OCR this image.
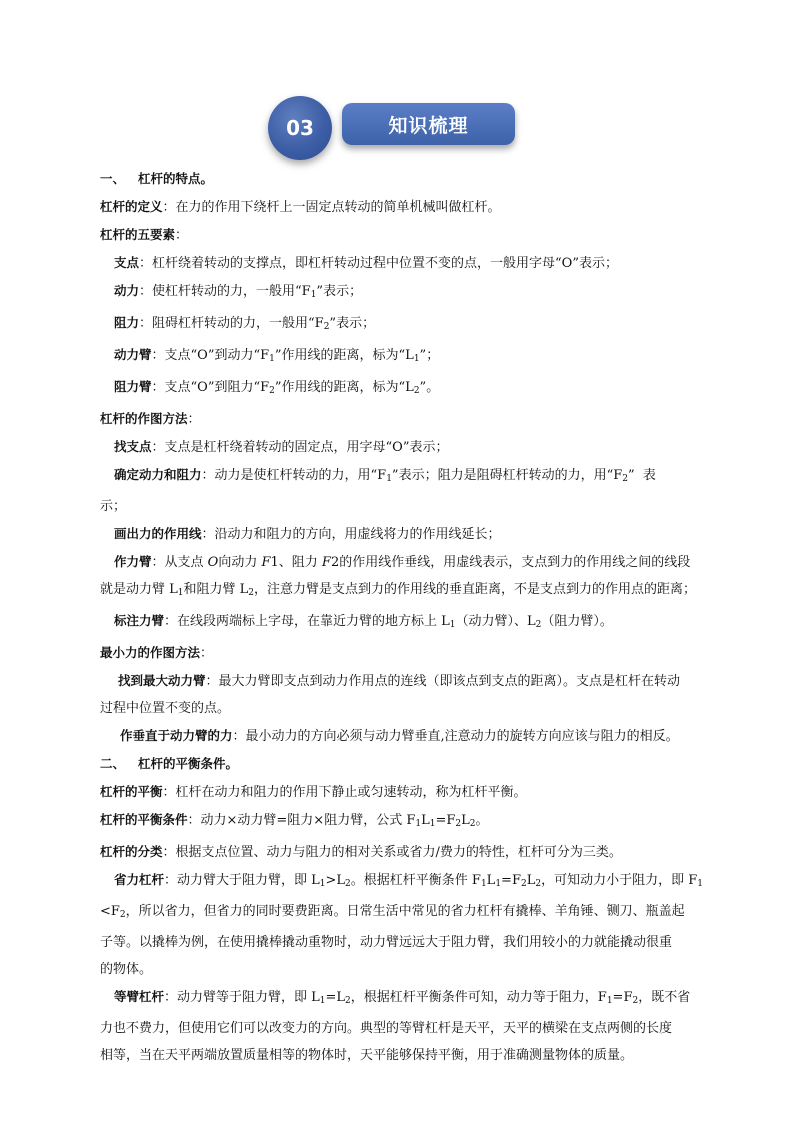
03	知识梳理

一、   杠杆的特点。

杠杆的定义：在力的作用下绕杆上一固定点转动的简单机械叫做杠杆。

杠杆的五要素：

支点：杠杆绕着转动的支撑点，即杠杆转动过程中位置不变的点，一般用字母“O”表示；

动力：使杠杆转动的力，一般用“$F_1$”表示；

阻力：阻碍杠杆转动的力，一般用“$F_2$”表示；

动力臂：支点“O”到动力“$F_1$”作用线的距离，标为“$L_1$”；

阻力臂：支点“O”到阻力“$F_2$”作用线的距离，标为“$L_2$”。

杠杆的作图方法：

找支点：支点是杠杆绕着转动的固定点，用字母“O”表示；

确定动力和阻力：动力是使杠杆转动的力，用“$F_1$”表示；阻力是阻碍杠杆转动的力，用“$F_2$”  表

示；

画出力的作用线：沿动力和阻力的方向，用虚线将力的作用线延长；

作力臂：从支点 O向动力 F1、阻力 F2的作用线作垂线，用虚线表示，支点到力的作用线之间的线段

就是动力臂 $L_1$和阻力臂 $L_2$，注意力臂是支点到力的作用线的垂直距离，不是支点到力的作用点的距离；

标注力臂：在线段两端标上字母，在靠近力臂的地方标上 $L_1$（动力臂）、$L_2$（阻力臂）。

最小力的作图方法：

找到最大动力臂：最大力臂即支点到动力作用点的连线（即该点到支点的距离）。支点是杠杆在转动

过程中位置不变的点。

作垂直于动力臂的力：最小动力的方向必须与动力臂垂直,注意动力的旋转方向应该与阻力的相反。

二、   杠杆的平衡条件。

杠杆的平衡：杠杆在动力和阻力的作用下静止或匀速转动，称为杠杆平衡。

杠杆的平衡条件：动力×动力臂=阻力×阻力臂，公式 $F_1L_1=F_2L_2$。

杠杆的分类：根据支点位置、动力与阻力的相对关系或省力/费力的特性，杠杆可分为三类。

省力杠杆：动力臂大于阻力臂，即 $L_1>L_2$。根据杠杆平衡条件 $F_1L_1=F_2L_2$，可知动力小于阻力，即 $F_1$

$<F_2$，所以省力，但省力的同时要费距离。日常生活中常见的省力杠杆有撬棒、羊角锤、铡刀、瓶盖起

子等。以撬棒为例，在使用撬棒撬动重物时，动力臂远远大于阻力臂，我们用较小的力就能撬动很重

的物体。

等臂杠杆：动力臂等于阻力臂，即 $L_1=L_2$，根据杠杆平衡条件可知，动力等于阻力，$F_1=F_2$，既不省

力也不费力，但使用它们可以改变力的方向。典型的等臂杠杆是天平，天平的横梁在支点两侧的长度

相等，当在天平两端放置质量相等的物体时，天平能够保持平衡，用于准确测量物体的质量。
